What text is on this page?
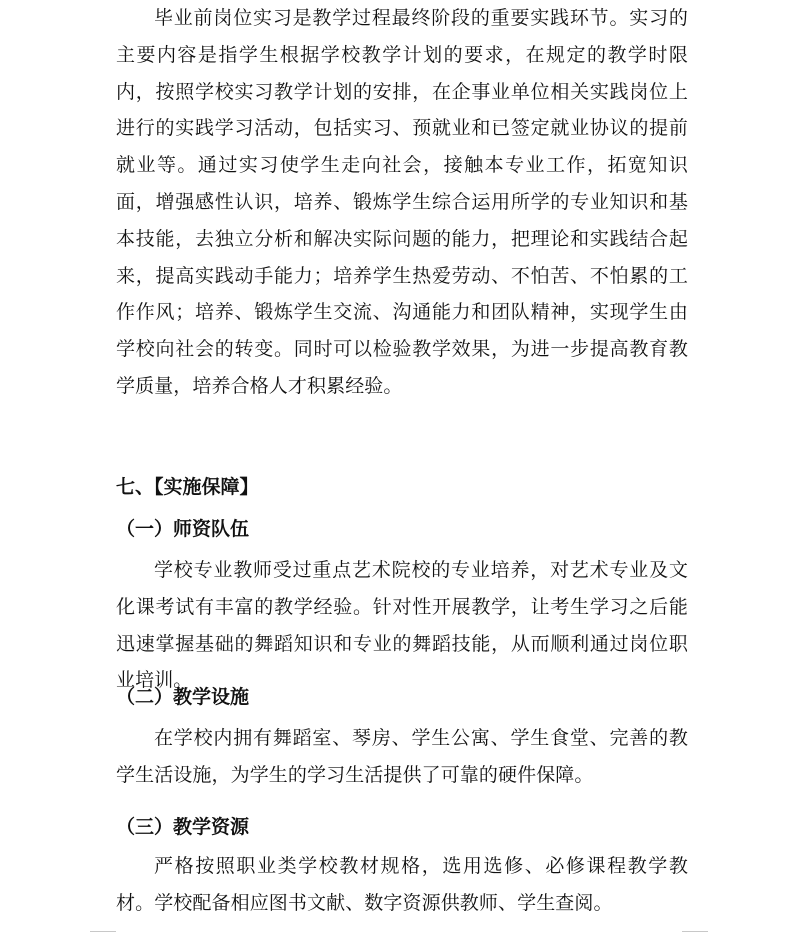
毕业前岗位实习是教学过程最终阶段的重要实践环节。实习的主要内容是指学生根据学校教学计划的要求，在规定的教学时限内，按照学校实习教学计划的安排，在企事业单位相关实践岗位上进行的实践学习活动，包括实习、预就业和已签定就业协议的提前就业等。通过实习使学生走向社会，接触本专业工作，拓宽知识面，增强感性认识，培养、锻炼学生综合运用所学的专业知识和基本技能，去独立分析和解决实际问题的能力，把理论和实践结合起来，提高实践动手能力；培养学生热爱劳动、不怕苦、不怕累的工作作风；培养、锻炼学生交流、沟通能力和团队精神，实现学生由学校向社会的转变。同时可以检验教学效果，为进一步提高教育教学质量，培养合格人才积累经验。

七、【实施保障】
（一）师资队伍

学校专业教师受过重点艺术院校的专业培养，对艺术专业及文化课考试有丰富的教学经验。针对性开展教学，让考生学习之后能迅速掌握基础的舞蹈知识和专业的舞蹈技能，从而顺利通过岗位职业培训。

（二）教学设施

在学校内拥有舞蹈室、琴房、学生公寓、学生食堂、完善的教学生活设施，为学生的学习生活提供了可靠的硬件保障。

（三）教学资源

严格按照职业类学校教材规格，选用选修、必修课程教学教材。学校配备相应图书文献、数字资源供教师、学生查阅。
